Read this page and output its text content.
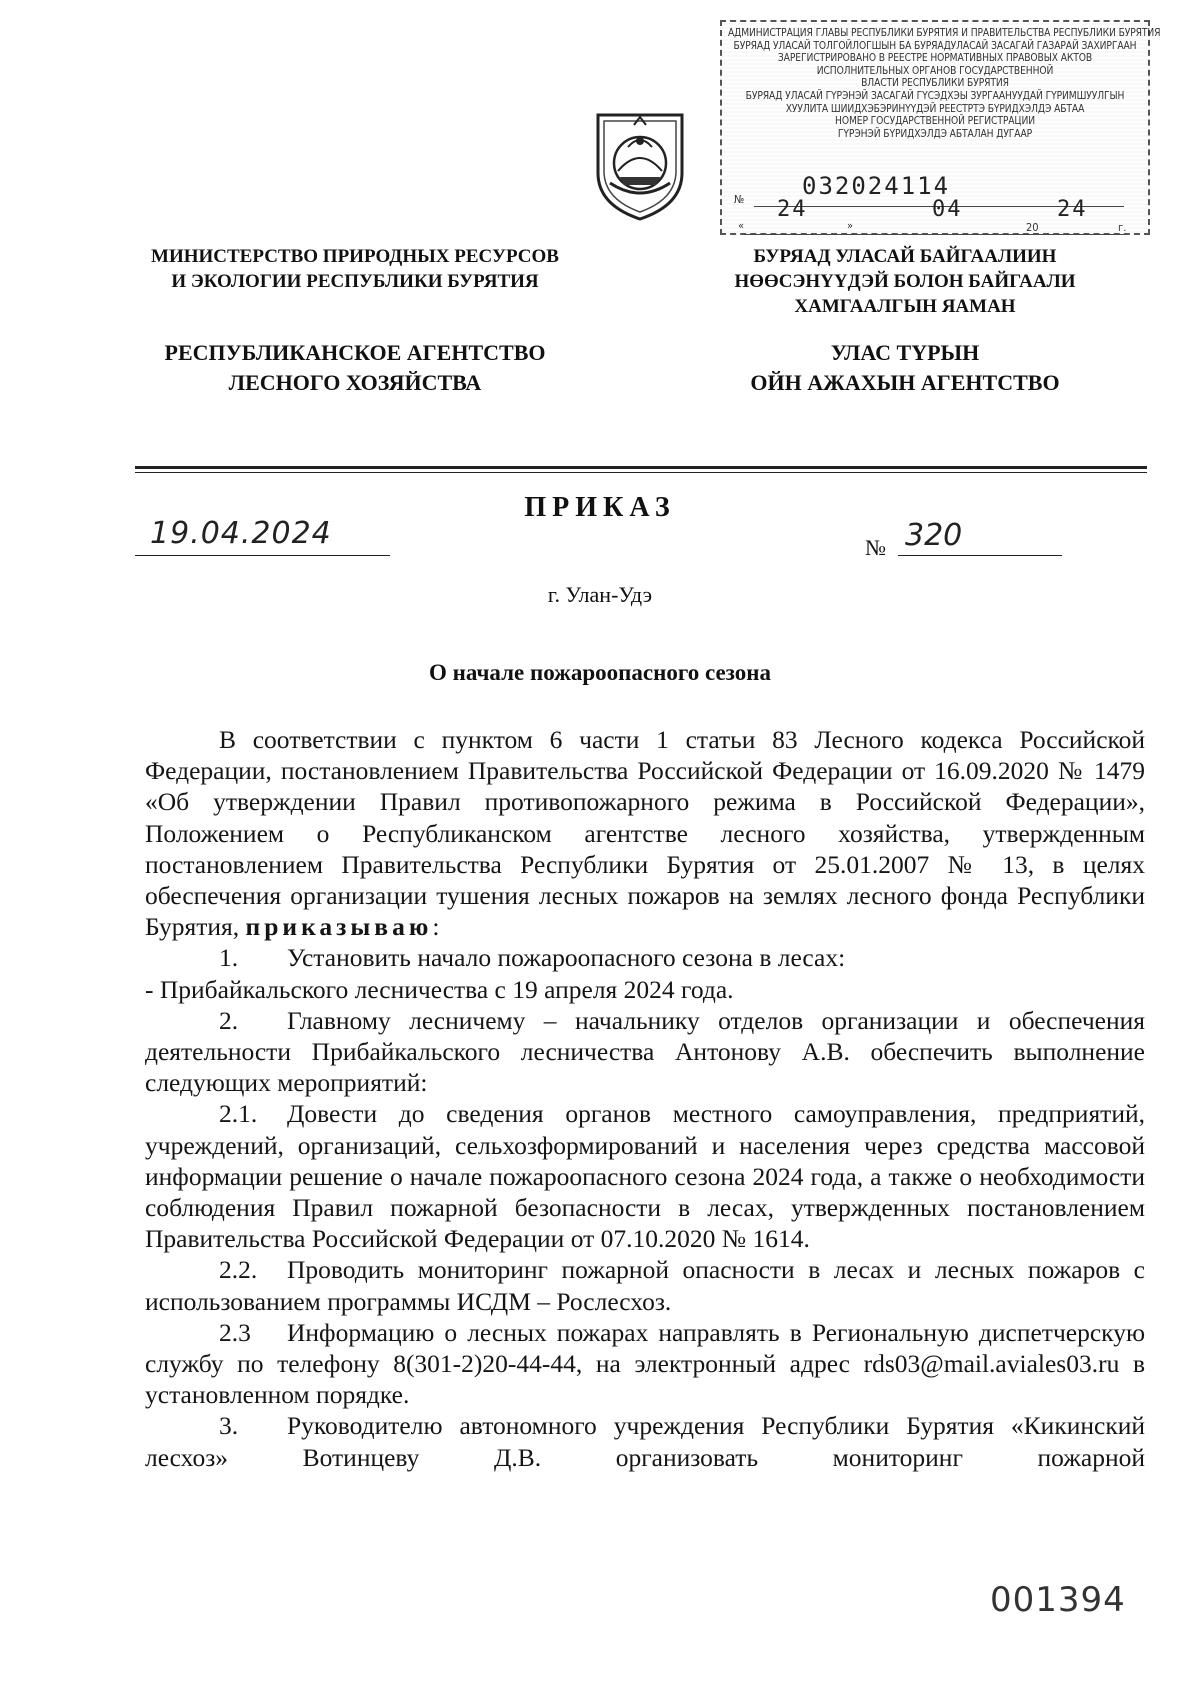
АДМИНИСТРАЦИЯ ГЛАВЫ РЕСПУБЛИКИ БУРЯТИЯ И ПРАВИТЕЛЬСТВА РЕСПУБЛИКИ БУРЯТИЯ
БУРЯАД УЛАСАЙ ТОЛГОЙЛОГШЫН БА БУРЯАДУЛАСАЙ ЗАСАГАЙ ГАЗАРАЙ ЗАХИРГААН
ЗАРЕГИСТРИРОВАНО В РЕЕСТРЕ НОРМАТИВНЫХ ПРАВОВЫХ АКТОВ
ИСПОЛНИТЕЛЬНЫХ ОРГАНОВ ГОСУДАРСТВЕННОЙ
ВЛАСТИ РЕСПУБЛИКИ БУРЯТИЯ
БУРЯАД УЛАСАЙ ГҮРЭНЭЙ ЗАСАГАЙ ГҮСЭДХЭЫ ЗУРГААНУУДАЙ ГҮРИМШУУЛГЫН
ХУУЛИТА ШИИДХЭБЭРИНҮҮДЭЙ РЕЕСТРТЭ БҮРИДХЭЛДЭ АБТАА
НОМЕР ГОСУДАРСТВЕННОЙ РЕГИСТРАЦИИ
ГҮРЭНЭЙ БҮРИДХЭЛДЭ АБТАЛАН ДУГААР
№ 032024114
«
24
»
04
20
24
г.
МИНИСТЕРСТВО ПРИРОДНЫХ РЕСУРСОВ
И ЭКОЛОГИИ РЕСПУБЛИКИ БУРЯТИЯ
РЕСПУБЛИКАНСКОЕ АГЕНТСТВО
ЛЕСНОГО ХОЗЯЙСТВА
БУРЯАД УЛАСАЙ БАЙГААЛИИН
НӨӨСЭНҮҮДЭЙ БОЛОН БАЙГААЛИ
ХАМГААЛГЫН ЯАМАН
УЛАС ТҮРЫН
ОЙН АЖАХЫН АГЕНТСТВО
ПРИКАЗ
19.04.2024	№ 320
г. Улан-Удэ
О начале пожароопасного сезона

В соответствии с пунктом 6 части 1 статьи 83 Лесного кодекса Российской Федерации, постановлением Правительства Российской Федерации от 16.09.2020 № 1479 «Об утверждении Правил противопожарного режима в Российской Федерации», Положением о Республиканском агентстве лесного хозяйства, утвержденным постановлением Правительства Республики Бурятия от 25.01.2007 № 13, в целях обеспечения организации тушения лесных пожаров на землях лесного фонда Республики Бурятия, приказываю:

1. Установить начало пожароопасного сезона в лесах:

- Прибайкальского лесничества с 19 апреля 2024 года.

2. Главному лесничему – начальнику отделов организации и обеспечения деятельности Прибайкальского лесничества Антонову А.В. обеспечить выполнение следующих мероприятий:

2.1. Довести до сведения органов местного самоуправления, предприятий, учреждений, организаций, сельхозформирований и населения через средства массовой информации решение о начале пожароопасного сезона 2024 года, а также о необходимости соблюдения Правил пожарной безопасности в лесах, утвержденных постановлением Правительства Российской Федерации от 07.10.2020 № 1614.

2.2. Проводить мониторинг пожарной опасности в лесах и лесных пожаров с использованием программы ИСДМ – Рослесхоз.

2.3 Информацию о лесных пожарах направлять в Региональную диспетчерскую службу по телефону 8(301-2)20-44-44, на электронный адрес rds03@mail.aviales03.ru в установленном порядке.

3. Руководителю автономного учреждения Республики Бурятия «Кикинский лесхоз» Вотинцеву Д.В. организовать мониторинг пожарной

001394
